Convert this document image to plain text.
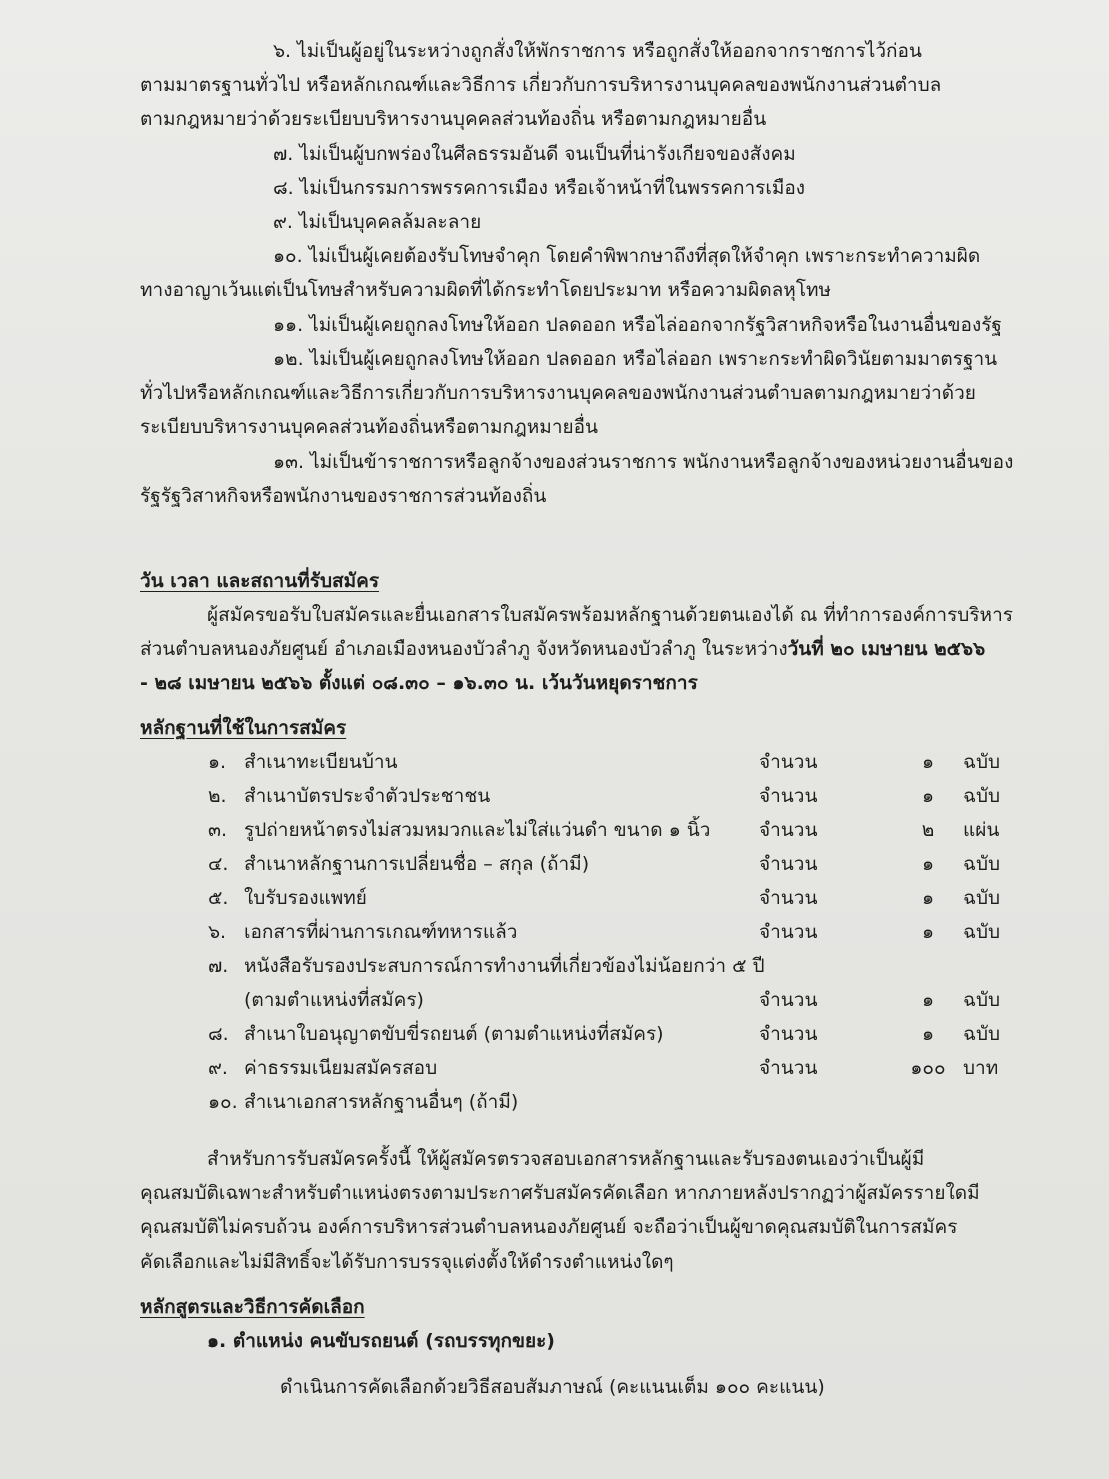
๖. ไม่เป็นผู้อยู่ในระหว่างถูกสั่งให้พักราชการ หรือถูกสั่งให้ออกจากราชการไว้ก่อน
ตามมาตรฐานทั่วไป หรือหลักเกณฑ์และวิธีการ เกี่ยวกับการบริหารงานบุคคลของพนักงานส่วนตำบล
ตามกฎหมายว่าด้วยระเบียบบริหารงานบุคคลส่วนท้องถิ่น หรือตามกฎหมายอื่น
๗. ไม่เป็นผู้บกพร่องในศีลธรรมอันดี จนเป็นที่น่ารังเกียจของสังคม
๘. ไม่เป็นกรรมการพรรคการเมือง หรือเจ้าหน้าที่ในพรรคการเมือง
๙. ไม่เป็นบุคคลล้มละลาย
๑๐. ไม่เป็นผู้เคยต้องรับโทษจำคุก โดยคำพิพากษาถึงที่สุดให้จำคุก เพราะกระทำความผิด
ทางอาญาเว้นแต่เป็นโทษสำหรับความผิดที่ได้กระทำโดยประมาท หรือความผิดลหุโทษ
๑๑. ไม่เป็นผู้เคยถูกลงโทษให้ออก ปลดออก หรือไล่ออกจากรัฐวิสาหกิจหรือในงานอื่นของรัฐ
๑๒. ไม่เป็นผู้เคยถูกลงโทษให้ออก ปลดออก หรือไล่ออก เพราะกระทำผิดวินัยตามมาตรฐาน
ทั่วไปหรือหลักเกณฑ์และวิธีการเกี่ยวกับการบริหารงานบุคคลของพนักงานส่วนตำบลตามกฎหมายว่าด้วย
ระเบียบบริหารงานบุคคลส่วนท้องถิ่นหรือตามกฎหมายอื่น
๑๓. ไม่เป็นข้าราชการหรือลูกจ้างของส่วนราชการ พนักงานหรือลูกจ้างของหน่วยงานอื่นของ
รัฐรัฐวิสาหกิจหรือพนักงานของราชการส่วนท้องถิ่น
วัน เวลา และสถานที่รับสมัคร
ผู้สมัครขอรับใบสมัครและยื่นเอกสารใบสมัครพร้อมหลักฐานด้วยตนเองได้ ณ ที่ทำการองค์การบริหาร
ส่วนตำบลหนองภัยศูนย์ อำเภอเมืองหนองบัวลำภู จังหวัดหนองบัวลำภู ในระหว่างวันที่ ๒๐ เมษายน ๒๕๖๖
- ๒๘ เมษายน ๒๕๖๖ ตั้งแต่ ๐๘.๓๐ – ๑๖.๓๐ น. เว้นวันหยุดราชการ
หลักฐานที่ใช้ในการสมัคร
๑. สำเนาทะเบียนบ้าน	จำนวน	๑	ฉบับ
๒. สำเนาบัตรประจำตัวประชาชน	จำนวน	๑	ฉบับ
๓. รูปถ่ายหน้าตรงไม่สวมหมวกและไม่ใส่แว่นดำ ขนาด ๑ นิ้ว	จำนวน	๒	แผ่น
๔. สำเนาหลักฐานการเปลี่ยนชื่อ – สกุล (ถ้ามี)	จำนวน	๑	ฉบับ
๕. ใบรับรองแพทย์	จำนวน	๑	ฉบับ
๖. เอกสารที่ผ่านการเกณฑ์ทหารแล้ว	จำนวน	๑	ฉบับ
๗. หนังสือรับรองประสบการณ์การทำงานที่เกี่ยวข้องไม่น้อยกว่า ๕ ปี
(ตามตำแหน่งที่สมัคร)	จำนวน	๑	ฉบับ
๘. สำเนาใบอนุญาตขับขี่รถยนต์ (ตามตำแหน่งที่สมัคร)	จำนวน	๑	ฉบับ
๙. ค่าธรรมเนียมสมัครสอบ	จำนวน	๑๐๐ บาท
๑๐. สำเนาเอกสารหลักฐานอื่นๆ (ถ้ามี)
สำหรับการรับสมัครครั้งนี้ ให้ผู้สมัครตรวจสอบเอกสารหลักฐานและรับรองตนเองว่าเป็นผู้มี
คุณสมบัติเฉพาะสำหรับตำแหน่งตรงตามประกาศรับสมัครคัดเลือก หากภายหลังปรากฏว่าผู้สมัครรายใดมี
คุณสมบัติไม่ครบถ้วน องค์การบริหารส่วนตำบลหนองภัยศูนย์ จะถือว่าเป็นผู้ขาดคุณสมบัติในการสมัคร
คัดเลือกและไม่มีสิทธิ์จะได้รับการบรรจุแต่งตั้งให้ดำรงตำแหน่งใดๆ
หลักสูตรและวิธีการคัดเลือก
๑. ตำแหน่ง คนขับรถยนต์ (รถบรรทุกขยะ)
ดำเนินการคัดเลือกด้วยวิธีสอบสัมภาษณ์ (คะแนนเต็ม ๑๐๐ คะแนน)
